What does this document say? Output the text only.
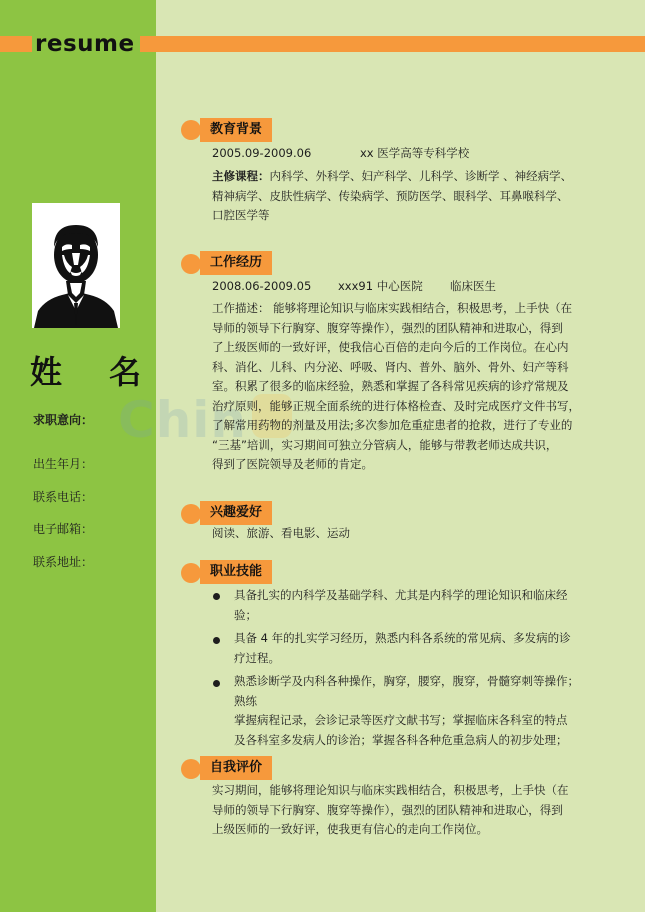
resume
姓 名
求职意向：
出生年月：
联系电话：
电子邮箱：
联系地址：
Chin
教育背景
2005.09-2009.06	xx 医学高等专科学校
主修课程：内科学、外科学、妇产科学、儿科学、诊断学 、神经病学、
精神病学、皮肤性病学、传染病学、预防医学、眼科学、耳鼻喉科学、
口腔医学等
工作经历
2008.06-2009.05 xxx91 中心医院 临床医生
工作描述： 能够将理论知识与临床实践相结合，积极思考，上手快（在
导师的领导下行胸穿、腹穿等操作），强烈的团队精神和进取心，得到
了上级医师的一致好评，使我信心百倍的走向今后的工作岗位。在心内
科、消化、儿科、内分泌、呼吸、肾内、普外、脑外、骨外、妇产等科
室。积累了很多的临床经验，熟悉和掌握了各科常见疾病的诊疗常规及
治疗原则，能够正规全面系统的进行体格检查、及时完成医疗文件书写，
了解常用药物的剂量及用法;多次参加危重症患者的抢救，进行了专业的
“三基”培训，实习期间可独立分管病人，能够与带教老师达成共识，
得到了医院领导及老师的肯定。
兴趣爱好
阅读、旅游、看电影、运动
职业技能
具备扎实的内科学及基础学科、尤其是内科学的理论知识和临床经
验；
具备 4 年的扎实学习经历，熟悉内科各系统的常见病、多发病的诊
疗过程。
熟悉诊断学及内科各种操作，胸穿，腰穿，腹穿，骨髓穿刺等操作；熟练
掌握病程记录，会诊记录等医疗文献书写；掌握临床各科室的特点
及各科室多发病人的诊治；掌握各科各种危重急病人的初步处理；
自我评价
实习期间，能够将理论知识与临床实践相结合，积极思考，上手快（在
导师的领导下行胸穿、腹穿等操作），强烈的团队精神和进取心，得到
上级医师的一致好评，使我更有信心的走向工作岗位。
